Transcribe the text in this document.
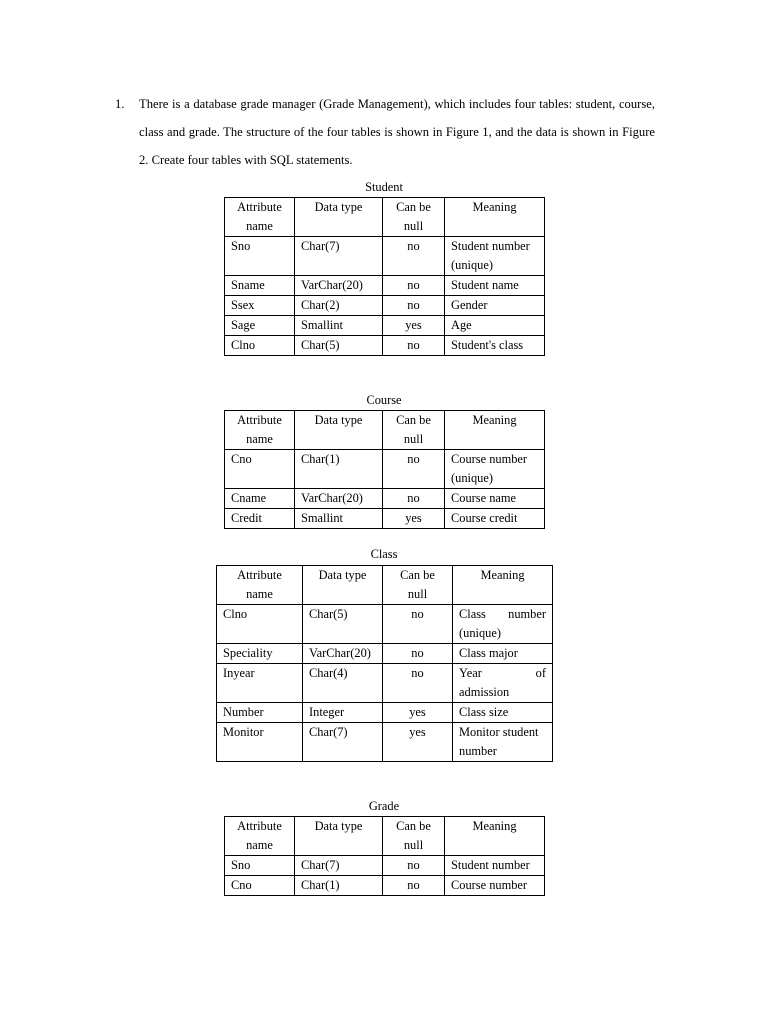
1. There is a database grade manager (Grade Management), which includes four tables: student, course, class and grade. The structure of the four tables is shown in Figure 1, and the data is shown in Figure 2. Create four tables with SQL statements.
Student
Attribute name	Data type	Can be null	Meaning
Sno	Char(7)	no	Student number (unique)
Sname	VarChar(20)	no	Student name
Ssex	Char(2)	no	Gender
Sage	Smallint	yes	Age
Clno	Char(5)	no	Student's class
Course
Attribute name	Data type	Can be null	Meaning
Cno	Char(1)	no	Course number (unique)
Cname	VarChar(20)	no	Course name
Credit	Smallint	yes	Course credit
Class
Attribute name	Data type	Can be null	Meaning
Clno	Char(5)	no	Class number (unique)
Speciality	VarChar(20)	no	Class major
Inyear	Char(4)	no	Year of admission
Number	Integer	yes	Class size
Monitor	Char(7)	yes	Monitor student number
Grade
Attribute name	Data type	Can be null	Meaning
Sno	Char(7)	no	Student number
Cno	Char(1)	no	Course number
